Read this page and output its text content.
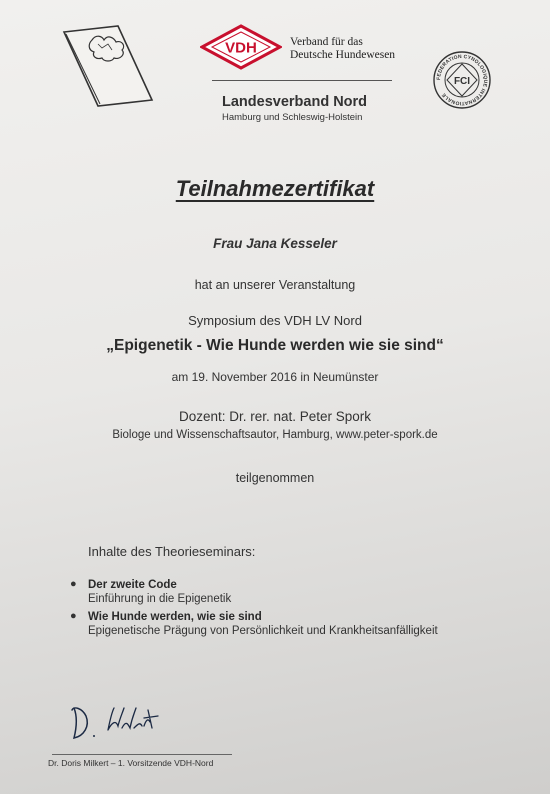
VDH	Verband für das
Deutsche Hundewesen
Landesverband Nord
Hamburg und Schleswig-Holstein
FEDERATION CYNOLOGIQUE INTERNATIONALE
FCI
Teilnahmezertifikat
Frau Jana Kesseler
hat an unserer Veranstaltung
Symposium des VDH LV Nord
„Epigenetik - Wie Hunde werden wie sie sind“
am 19. November 2016 in Neumünster
Dozent: Dr. rer. nat. Peter Spork
Biologe und Wissenschaftsautor, Hamburg, www.peter-spork.de
teilgenommen
Inhalte des Theorieseminars:
● Der zweite Code
Einführung in die Epigenetik
● Wie Hunde werden, wie sie sind
Epigenetische Prägung von Persönlichkeit und Krankheitsanfälligkeit
Dr. Doris Milkert – 1. Vorsitzende VDH-Nord
